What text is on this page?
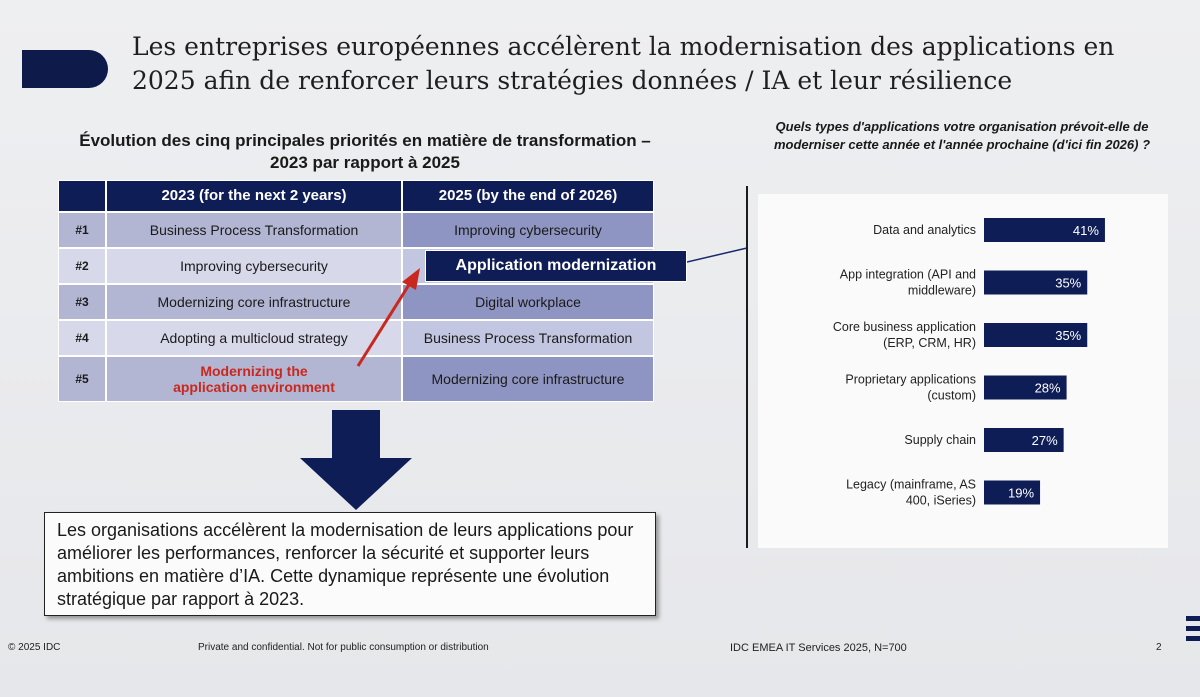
Les entreprises européennes accélèrent la modernisation des applications en 2025 afin de renforcer leurs stratégies données / IA et leur résilience
Évolution des cinq principales priorités en matière de transformation – 2023 par rapport à 2025
2023 (for the next 2 years)	2025 (by the end of 2026)
#1	Business Process Transformation	Improving cybersecurity
#2	Improving cybersecurity
#3	Modernizing core infrastructure	Digital workplace
#4	Adopting a multicloud strategy	Business Process Transformation
#5	Modernizing the application environment	Modernizing core infrastructure
Application modernization
Les organisations accélèrent la modernisation de leurs applications pour améliorer les performances, renforcer la sécurité et supporter leurs ambitions en matière d’IA. Cette dynamique représente une évolution stratégique par rapport à 2023.
Quels types d'applications votre organisation prévoit-elle de moderniser cette année et l'année prochaine (d'ici fin 2026) ?
Data and analytics	41%
App integration (API and
middleware)	35%
Core business application
(ERP, CRM, HR)	35%
Proprietary applications
(custom)	28%
Supply chain	27%
Legacy (mainframe, AS
400, iSeries) 19%
© 2025 IDC	Private and confidential. Not for public consumption or distribution	IDC EMEA IT Services 2025, N=700	2
